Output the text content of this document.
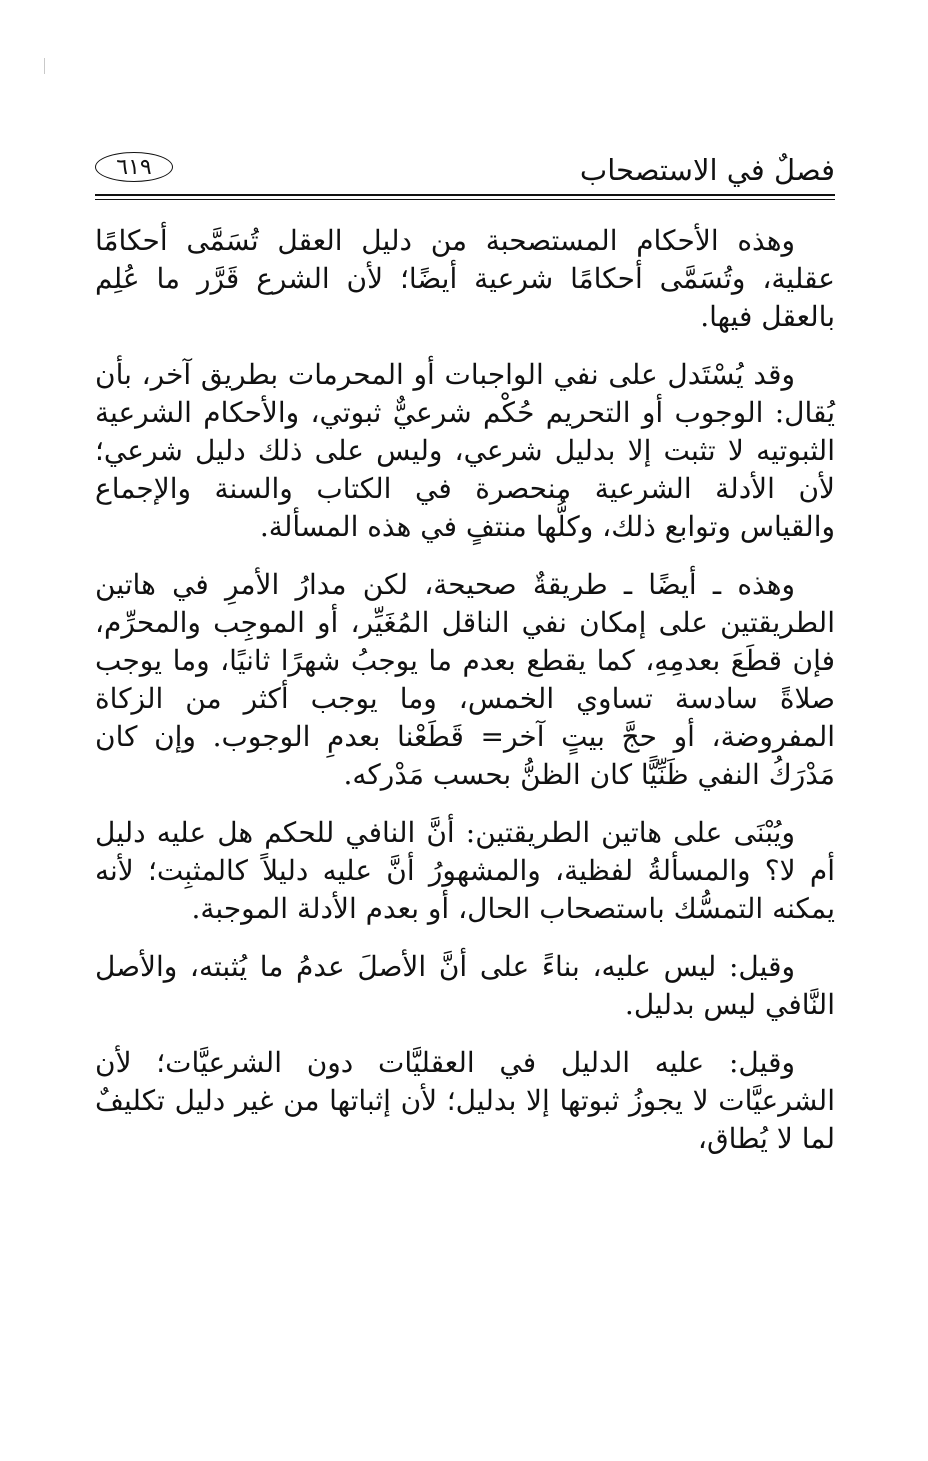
فصلٌ في الاستصحاب
٦١٩

وهذه الأحكام المستصحبة من دليل العقل تُسَمَّى أحكامًا عقلية، وتُسَمَّى أحكامًا شرعية أيضًا؛ لأن الشرع قَرَّر ما عُلِم بالعقل فيها.

وقد يُسْتَدل على نفي الواجبات أو المحرمات بطريق آخر، بأن يُقال: الوجوب أو التحريم حُكْم شرعيٌّ ثبوتي، والأحكام الشرعية الثبوتيه لا تثبت إلا بدليل شرعي، وليس على ذلك دليل شرعي؛ لأن الأدلة الشرعية منحصرة في الكتاب والسنة والإجماع والقياس وتوابع ذلك، وكلُّها منتفٍ في هذه المسألة.

وهذه ـ أيضًا ـ طريقةٌ صحيحة، لكن مدارُ الأمرِ في هاتين الطريقتين على إمكان نفي الناقل المُغَيِّر، أو الموجِب والمحرِّم، فإن قطَعَ بعدمِهِ، كما يقطع بعدم ما يوجبُ شهرًا ثانيًا، وما يوجب صلاةً سادسة تساوي الخمس، وما يوجب أكثر من الزكاة المفروضة، أو حجَّ بيتٍ آخر= قَطَعْنا بعدمِ الوجوب. وإن كان مَدْرَكُ النفي ظَنِّيًّا كان الظنُّ بحسب مَدْركه.

ويُبْنَى على هاتين الطريقتين: أنَّ النافي للحكم هل عليه دليل أم لا؟ والمسألةُ لفظية، والمشهورُ أنَّ عليه دليلاً كالمثبِت؛ لأنه يمكنه التمسُّك باستصحاب الحال، أو بعدم الأدلة الموجبة.

وقيل: ليس عليه، بناءً على أنَّ الأصلَ عدمُ ما يُثبته، والأصل النَّافي ليس بدليل.

وقيل: عليه الدليل في العقليَّات دون الشرعيَّات؛ لأن الشرعيَّات لا يجوزُ ثبوتها إلا بدليل؛ لأن إثباتها من غير دليل تكليفٌ لما لا يُطاق،
